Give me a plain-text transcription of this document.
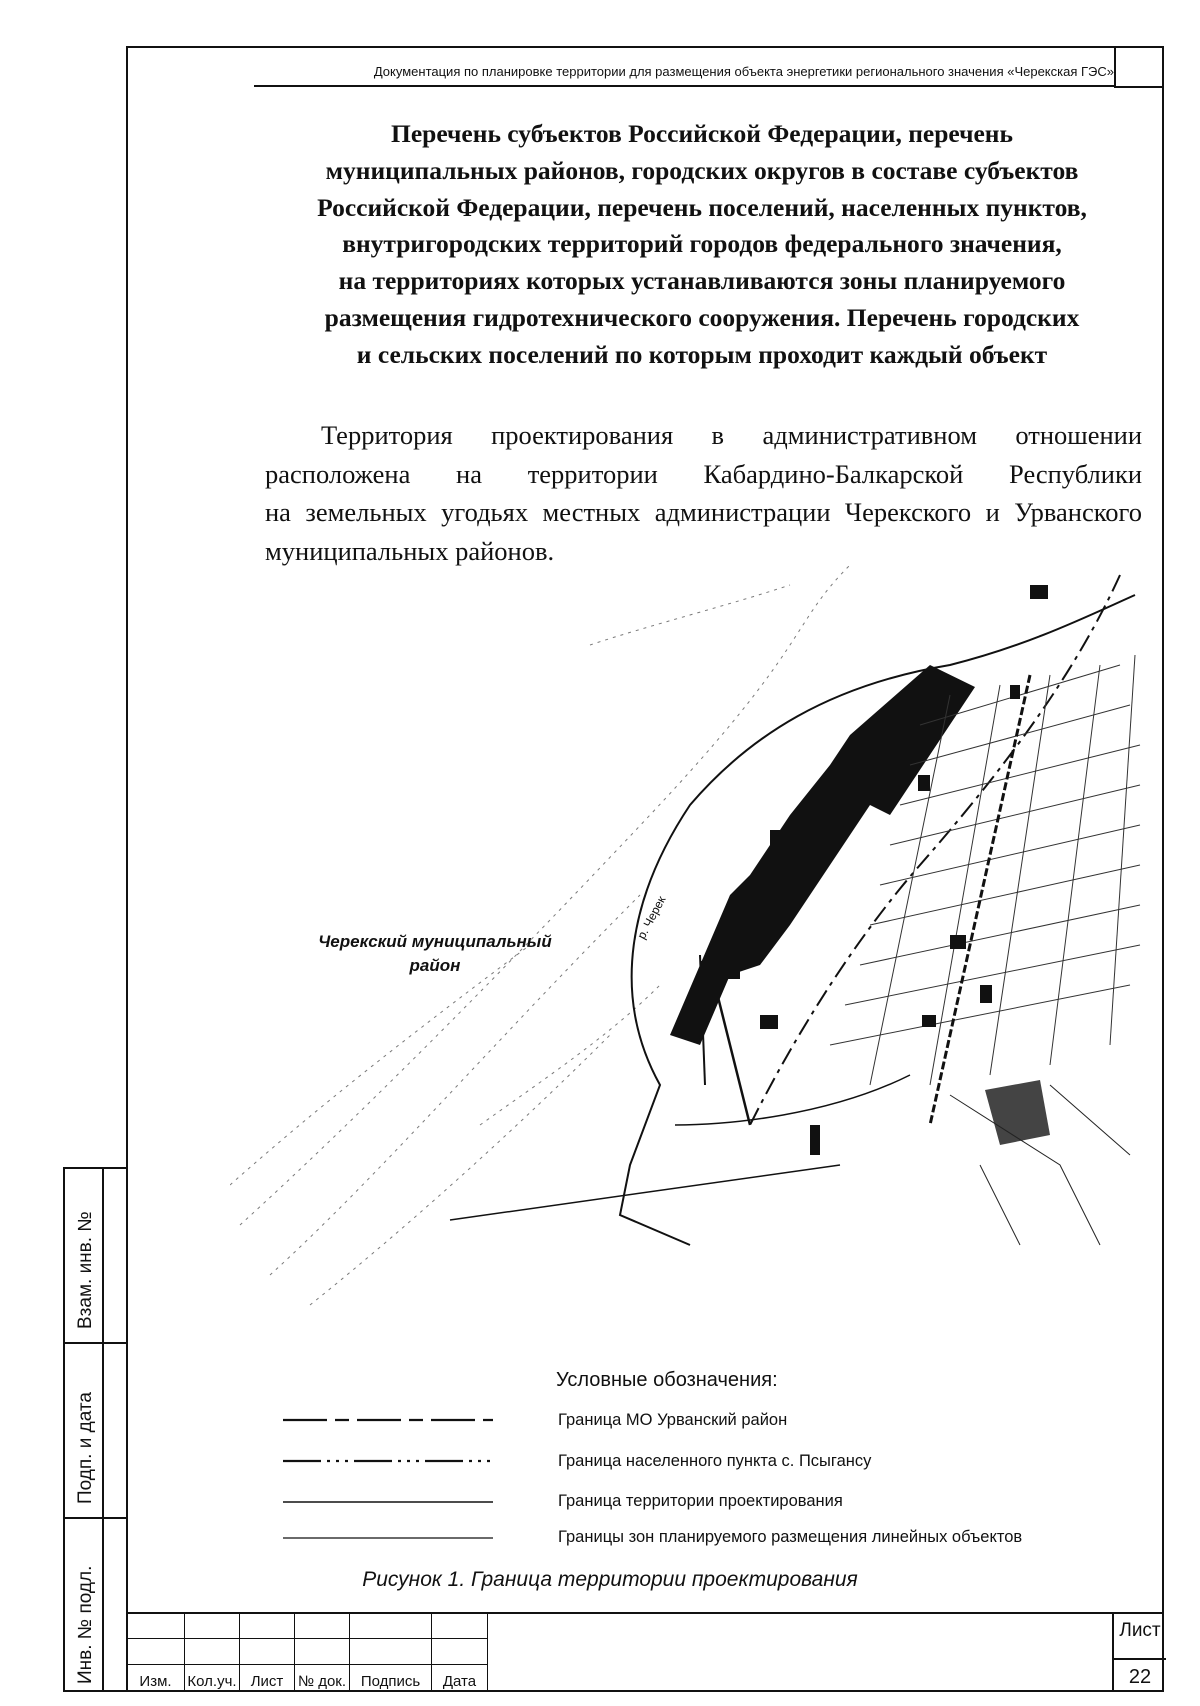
Документация по планировке территории для размещения объекта энергетики регионального значения «Черекская ГЭС»
Перечень субъектов Российской Федерации, перечень
муниципальных районов, городских округов в составе субъектов
Российской Федерации, перечень поселений, населенных пунктов,
внутригородских территорий городов федерального значения,
на территориях которых устанавливаются зоны планируемого
размещения гидротехнического сооружения. Перечень городских
и сельских поселений по которым проходит каждый объект
Территория проектирования в административном отношении
расположена на территории Кабардино-Балкарской Республики
на земельных угодьях местных администрации Черекского и Урванского
муниципальных районов.
р. Черек
Черекский муниципальный
район
Условные обозначения:
Граница МО Урванский район
Граница населенного пункта с. Псыгансу
Граница территории проектирования
Границы зон планируемого размещения линейных объектов
Рисунок 1. Граница территории проектирования

Изм.	Кол.уч.	Лист	№ док.	Подпись	Дата
Лист
22
Взам. инв. №
Подп. и дата
Инв. № подл.
